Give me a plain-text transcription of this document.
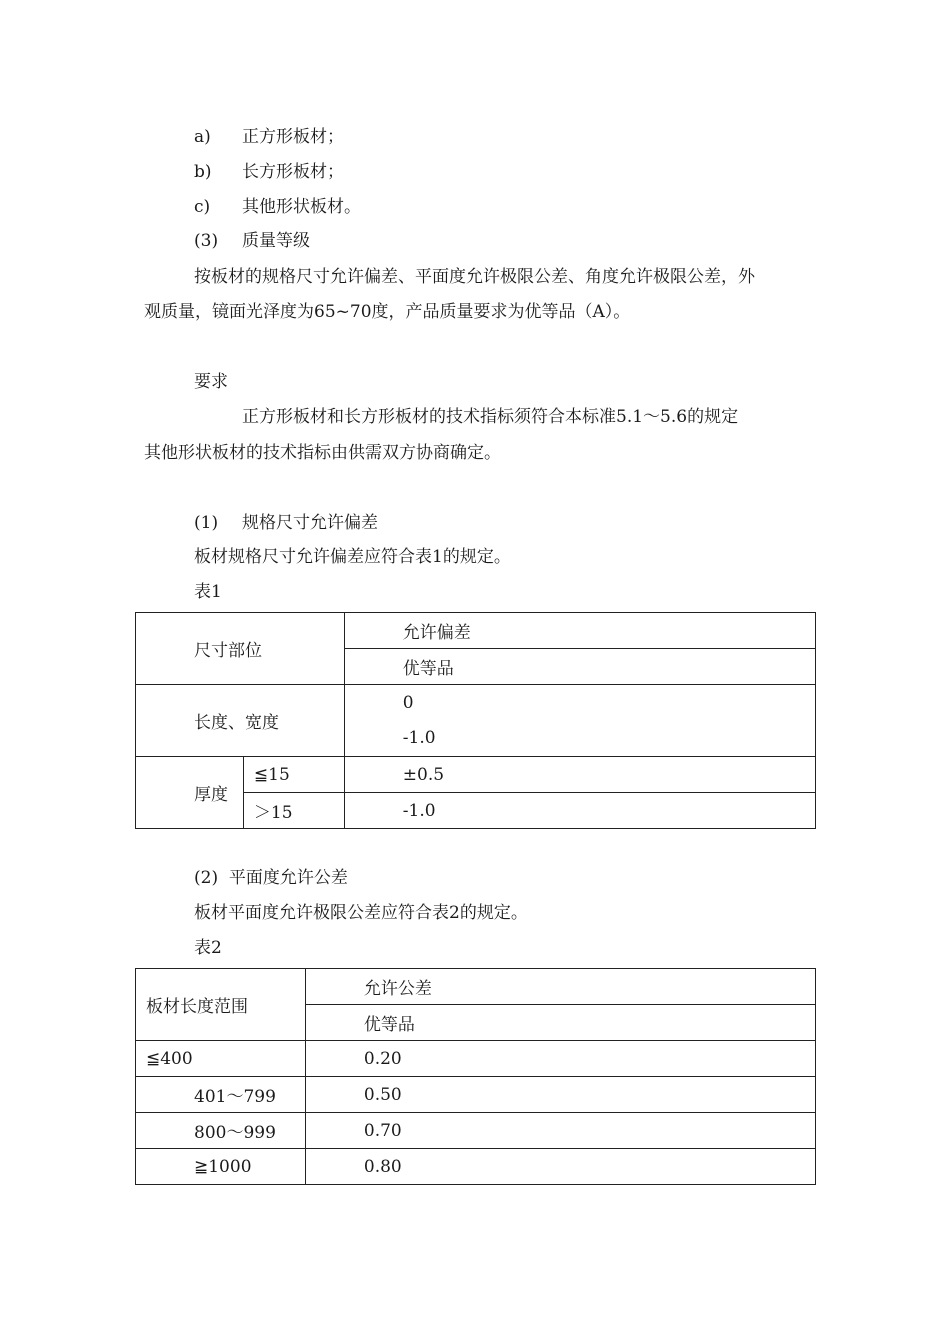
a) 正方形板材；
b) 长方形板材；
c) 其他形状板材。
(3) 质量等级
按板材的规格尺寸允许偏差、平面度允许极限公差、角度允许极限公差，外
观质量，镜面光泽度为65~70度，产品质量要求为优等品（A）。
要求
正方形板材和长方形板材的技术指标须符合本标准5.1～5.6的规定
其他形状板材的技术指标由供需双方协商确定。
(1) 规格尺寸允许偏差
板材规格尺寸允许偏差应符合表1的规定。
表1
尺寸部位		允许偏差
		优等品
长度、宽度		0
-1.0

厚度	≦15	±0.5
	＞15	-1.0
(2) 平面度允许公差
板材平面度允许极限公差应符合表2的规定。
表2
板材长度范围	允许公差
	优等品
≦400	0.20
401～799	0.50
800～999	0.70
≧1000	0.80
